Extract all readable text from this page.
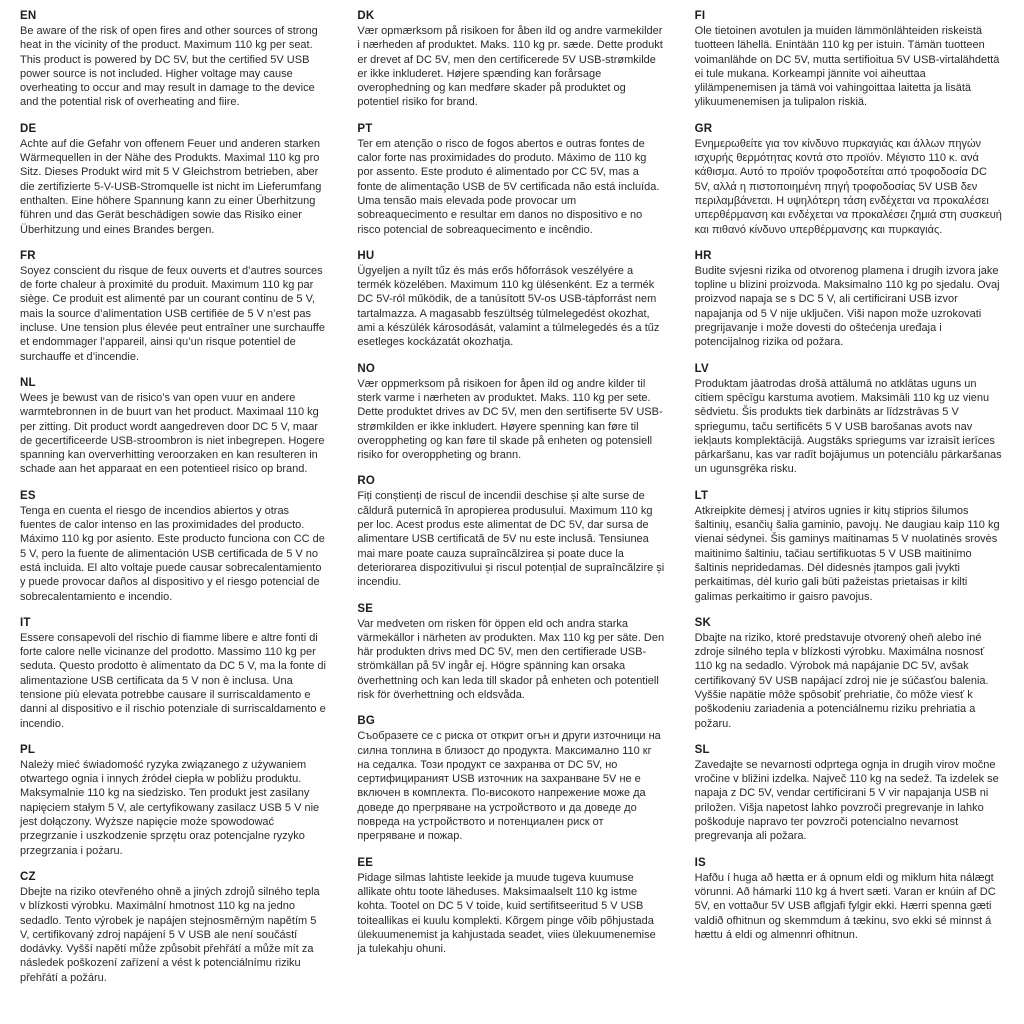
EN

Be aware of the risk of open fires and other sources of strong heat in the vicinity of the product. Maximum 110 kg per seat. This product is powered by DC 5V, but the certified 5V USB power source is not included. Higher voltage may cause overheating to occur and may result in damage to the device and the potential risk of overheating and fiire.

DE

Achte auf die Gefahr von offenem Feuer und anderen starken Wärmequellen in der Nähe des Produkts. Maximal 110 kg pro Sitz. Dieses Produkt wird mit 5 V Gleichstrom betrieben, aber die zertifizierte 5-V-USB-Stromquelle ist nicht im Lieferumfang enthalten. Eine höhere Spannung kann zu einer Überhitzung führen und das Gerät beschädigen sowie das Risiko einer Überhitzung und eines Brandes bergen.

FR

Soyez conscient du risque de feux ouverts et d’autres sources de forte chaleur à proximité du produit. Maximum 110 kg par siège. Ce produit est alimenté par un courant continu de 5 V, mais la source d’alimentation USB certifiée de 5 V n’est pas incluse. Une tension plus élevée peut entraîner une surchauffe et endommager l’appareil, ainsi qu’un risque potentiel de surchauffe et d’incendie.

NL

Wees je bewust van de risico’s van open vuur en andere warmtebronnen in de buurt van het product. Maximaal 110 kg per zitting. Dit product wordt aangedreven door DC 5 V, maar de gecertificeerde USB-stroombron is niet inbegrepen. Hogere spanning kan oververhitting veroorzaken en kan resulteren in schade aan het apparaat en een potentieel risico op brand.

ES

Tenga en cuenta el riesgo de incendios abiertos y otras fuentes de calor intenso en las proximidades del producto. Máximo 110 kg por asiento. Este producto funciona con CC de 5 V, pero la fuente de alimentación USB certificada de 5 V no está incluida. El alto voltaje puede causar sobrecalentamiento y puede provocar daños al dispositivo y el riesgo potencial de sobrecalentamiento e incendio.

IT

Essere consapevoli del rischio di fiamme libere e altre fonti di forte calore nelle vicinanze del prodotto. Massimo 110 kg per seduta. Questo prodotto è alimentato da DC 5 V, ma la fonte di alimentazione USB certificata da 5 V non è inclusa. Una tensione più elevata potrebbe causare il surriscaldamento e danni al dispositivo e il rischio potenziale di surriscaldamento e incendio.

PL

Należy mieć świadomość ryzyka związanego z używaniem otwartego ognia i innych źródeł ciepła w pobliżu produktu. Maksymalnie 110 kg na siedzisko. Ten produkt jest zasilany napięciem stałym 5 V, ale certyfikowany zasilacz USB 5 V nie jest dołączony. Wyższe napięcie może spowodować przegrzanie i uszkodzenie sprzętu oraz potencjalne ryzyko przegrzania i pożaru.

CZ

Dbejte na riziko otevřeného ohně a jiných zdrojů silného tepla v blízkosti výrobku. Maximální hmotnost 110 kg na jedno sedadlo. Tento výrobek je napájen stejnosměrným napětím 5 V, certifikovaný zdroj napájení 5 V USB ale není součástí dodávky. Vyšší napětí může způsobit přehřátí a může mít za následek poškození zařízení a vést k potenciálnímu riziku přehřátí a požáru.

DK

Vær opmærksom på risikoen for åben ild og andre varmekilder i nærheden af produktet. Maks. 110 kg pr. sæde. Dette produkt er drevet af DC 5V, men den certificerede 5V USB-strømkilde er ikke inkluderet. Højere spænding kan forårsage overophedning og kan medføre skader på produktet og potentiel risiko for brand.

PT

Ter em atenção o risco de fogos abertos e outras fontes de calor forte nas proximidades do produto. Máximo de 110 kg por assento. Este produto é alimentado por CC 5V, mas a fonte de alimentação USB de 5V certificada não está incluída. Uma tensão mais elevada pode provocar um sobreaquecimento e resultar em danos no dispositivo e no risco potencial de sobreaquecimento e incêndio.

HU

Ügyeljen a nyílt tűz és más erős hőforrások veszélyére a termék közelében. Maximum 110 kg ülésenként. Ez a termék DC 5V-ról működik, de a tanúsított 5V-os USB-tápforrást nem tartalmazza. A magasabb feszültség túlmelegedést okozhat, ami a készülék károsodását, valamint a túlmelegedés és a tűz esetleges kockázatát okozhatja.

NO

Vær oppmerksom på risikoen for åpen ild og andre kilder til sterk varme i nærheten av produktet. Maks. 110 kg per sete. Dette produktet drives av DC 5V, men den sertifiserte 5V USB-strømkilden er ikke inkludert. Høyere spenning kan føre til overoppheting og kan føre til skade på enheten og potensiell risiko for overoppheting og brann.

RO

Fiți conștienți de riscul de incendii deschise și alte surse de căldură puternică în apropierea produsului. Maximum 110 kg per loc. Acest produs este alimentat de DC 5V, dar sursa de alimentare USB certificată de 5V nu este inclusă. Tensiunea mai mare poate cauza supraîncălzirea și poate duce la deteriorarea dispozitivului și riscul potențial de supraîncălzire și incendiu.

SE

Var medveten om risken för öppen eld och andra starka värmekällor i närheten av produkten. Max 110 kg per säte. Den här produkten drivs med DC 5V, men den certifierade USB-strömkällan på 5V ingår ej. Högre spänning kan orsaka överhettning och kan leda till skador på enheten och potentiell risk för överhettning och eldsvåda.

BG

Съобразете се с риска от открит огън и други източници на силна топлина в близост до продукта. Максимално 110 кг на седалка. Този продукт се захранва от DC 5V, но сертифицираният USB източник на захранване 5V не е включен в комплекта. По-високото напрежение може да доведе до прегряване на устройството и да доведе до повреда на устройството и потенциален риск от прегряване и пожар.

EE

Pidage silmas lahtiste leekide ja muude tugeva kuumuse allikate ohtu toote läheduses. Maksimaalselt 110 kg istme kohta. Tootel on DC 5 V toide, kuid sertifitseeritud 5 V USB toiteallikas ei kuulu komplekti. Kõrgem pinge võib põhjustada ülekuumenemist ja kahjustada seadet, viies ülekuumenemise ja tulekahju ohuni.

FI

Ole tietoinen avotulen ja muiden lämmönlähteiden riskeistä tuotteen lähellä. Enintään 110 kg per istuin. Tämän tuotteen voimanlähde on DC 5V, mutta sertifioitua 5V USB-virtalähdettä ei tule mukana. Korkeampi jännite voi aiheuttaa ylilämpenemisen ja tämä voi vahingoittaa laitetta ja lisätä ylikuumenemisen ja tulipalon riskiä.

GR

Ενημερωθείτε για τον κίνδυνο πυρκαγιάς και άλλων πηγών ισχυρής θερμότητας κοντά στο προϊόν. Μέγιστο 110 κ. ανά κάθισμα. Αυτό το προϊόν τροφοδοτείται από τροφοδοσία DC 5V, αλλά η πιστοποιημένη πηγή τροφοδοσίας 5V USB δεν περιλαμβάνεται. Η υψηλότερη τάση ενδέχεται να προκαλέσει υπερθέρμανση και ενδέχεται να προκαλέσει ζημιά στη συσκευή και πιθανό κίνδυνο υπερθέρμανσης και πυρκαγιάς.

HR

Budite svjesni rizika od otvorenog plamena i drugih izvora jake topline u blizini proizvoda. Maksimalno 110 kg po sjedalu. Ovaj proizvod napaja se s DC 5 V, ali certificirani USB izvor napajanja od 5 V nije uključen. Viši napon može uzrokovati pregrijavanje i može dovesti do oštećenja uređaja i potencijalnog rizika od požara.

LV

Produktam jāatrodas drošā attālumā no atklātas uguns un citiem spēcīgu karstuma avotiem. Maksimāli 110 kg uz vienu sēdvietu. Šis produkts tiek darbināts ar līdzstrāvas 5 V spriegumu, taču sertificēts 5 V USB barošanas avots nav iekļauts komplektācijā. Augstāks spriegums var izraisīt ierīces pārkaršanu, kas var radīt bojājumus un potenciālu pārkaršanas un ugunsgrēka risku.

LT

Atkreipkite dėmesį į atviros ugnies ir kitų stiprios šilumos šaltinių, esančių šalia gaminio, pavojų. Ne daugiau kaip 110 kg vienai sėdynei. Šis gaminys maitinamas 5 V nuolatinės srovės maitinimo šaltiniu, tačiau sertifikuotas 5 V USB maitinimo šaltinis nepridedamas. Dėl didesnės įtampos gali įvykti perkaitimas, dėl kurio gali būti pažeistas prietaisas ir kilti galimas perkaitimo ir gaisro pavojus.

SK

Dbajte na riziko, ktoré predstavuje otvorený oheň alebo iné zdroje silného tepla v blízkosti výrobku. Maximálna nosnosť 110 kg na sedadlo. Výrobok má napájanie DC 5V, avšak certifikovaný 5V USB napájací zdroj nie je súčasťou balenia. Vyššie napätie môže spôsobiť prehriatie, čo môže viesť k poškodeniu zariadenia a potenciálnemu riziku prehriatia a požaru.

SL

Zavedajte se nevarnosti odprtega ognja in drugih virov močne vročine v bližini izdelka. Največ 110 kg na sedež. Ta izdelek se napaja z DC 5V, vendar certificirani 5 V vir napajanja USB ni priložen. Višja napetost lahko povzroči pregrevanje in lahko poškoduje napravo ter povzroči potencialno nevarnost pregrevanja ali požara.

IS

Hafðu í huga að hætta er á opnum eldi og miklum hita nálægt vörunni. Að hámarki 110 kg á hvert sæti. Varan er knúin af DC 5V, en vottaður 5V USB aflgjafi fylgir ekki. Hærri spenna gæti valdið ofhitnun og skemmdum á tækinu, svo ekki sé minnst á hættu á eldi og almennri ofhitnun.
